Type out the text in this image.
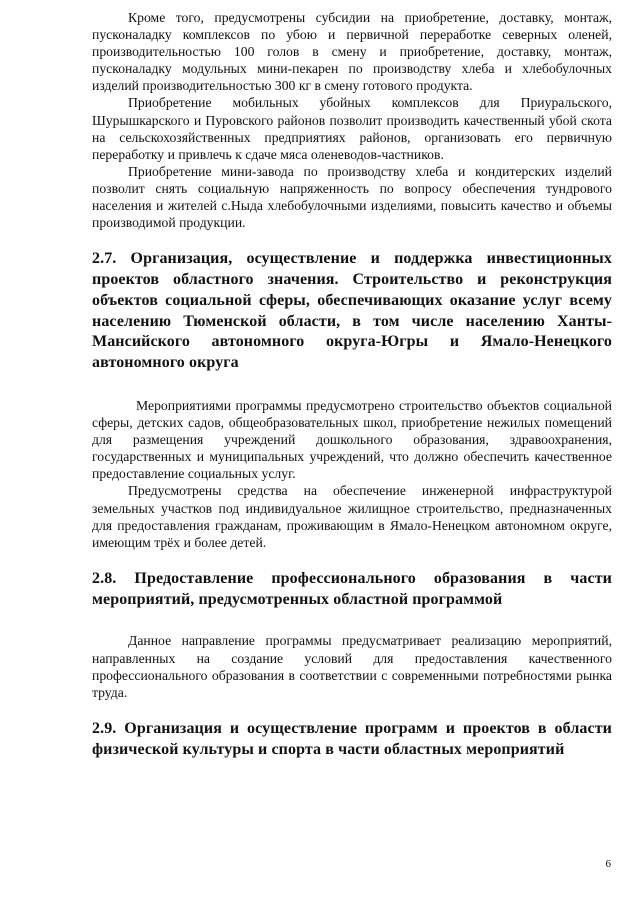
Кроме того, предусмотрены субсидии на приобретение, доставку, монтаж, пусконаладку комплексов по убою и первичной переработке северных оленей, производительностью 100 голов в смену и приобретение, доставку, монтаж, пусконаладку модульных мини-пекарен по производству хлеба и хлебобулочных изделий производительностью 300 кг в смену готового продукта.

Приобретение мобильных убойных комплексов для Приуральского, Шурышкарского и Пуровского районов позволит производить качественный убой скота на сельскохозяйственных предприятиях районов, организовать его первичную переработку и привлечь к сдаче мяса оленеводов-частников.

Приобретение мини-завода по производству хлеба и кондитерских изделий позволит снять социальную напряженность по вопросу обеспечения тундрового населения и жителей с.Ныда хлебобулочными изделиями, повысить качество и объемы производимой продукции.

2.7. Организация, осуществление и поддержка инвестиционных проектов областного значения. Строительство и реконструкция объектов социальной сферы, обеспечивающих оказание услуг всему населению Тюменской области, в том числе населению Ханты-Мансийского автономного округа-Югры и Ямало-Ненецкого автономного округа

Мероприятиями программы предусмотрено строительство объектов социальной сферы, детских садов, общеобразовательных школ, приобретение нежилых помещений для размещения учреждений дошкольного образования, здравоохранения, государственных и муниципальных учреждений, что должно обеспечить качественное предоставление социальных услуг.

Предусмотрены средства на обеспечение инженерной инфраструктурой земельных участков под индивидуальное жилищное строительство, предназначенных для предоставления гражданам, проживающим в Ямало-Ненецком автономном округе, имеющим трёх и более детей.

2.8. Предоставление профессионального образования в части мероприятий, предусмотренных областной программой

Данное направление программы предусматривает реализацию мероприятий, направленных на создание условий для предоставления качественного профессионального образования в соответствии с современными потребностями рынка труда.

2.9. Организация и осуществление программ и проектов в области физической культуры и спорта в части областных мероприятий
6
